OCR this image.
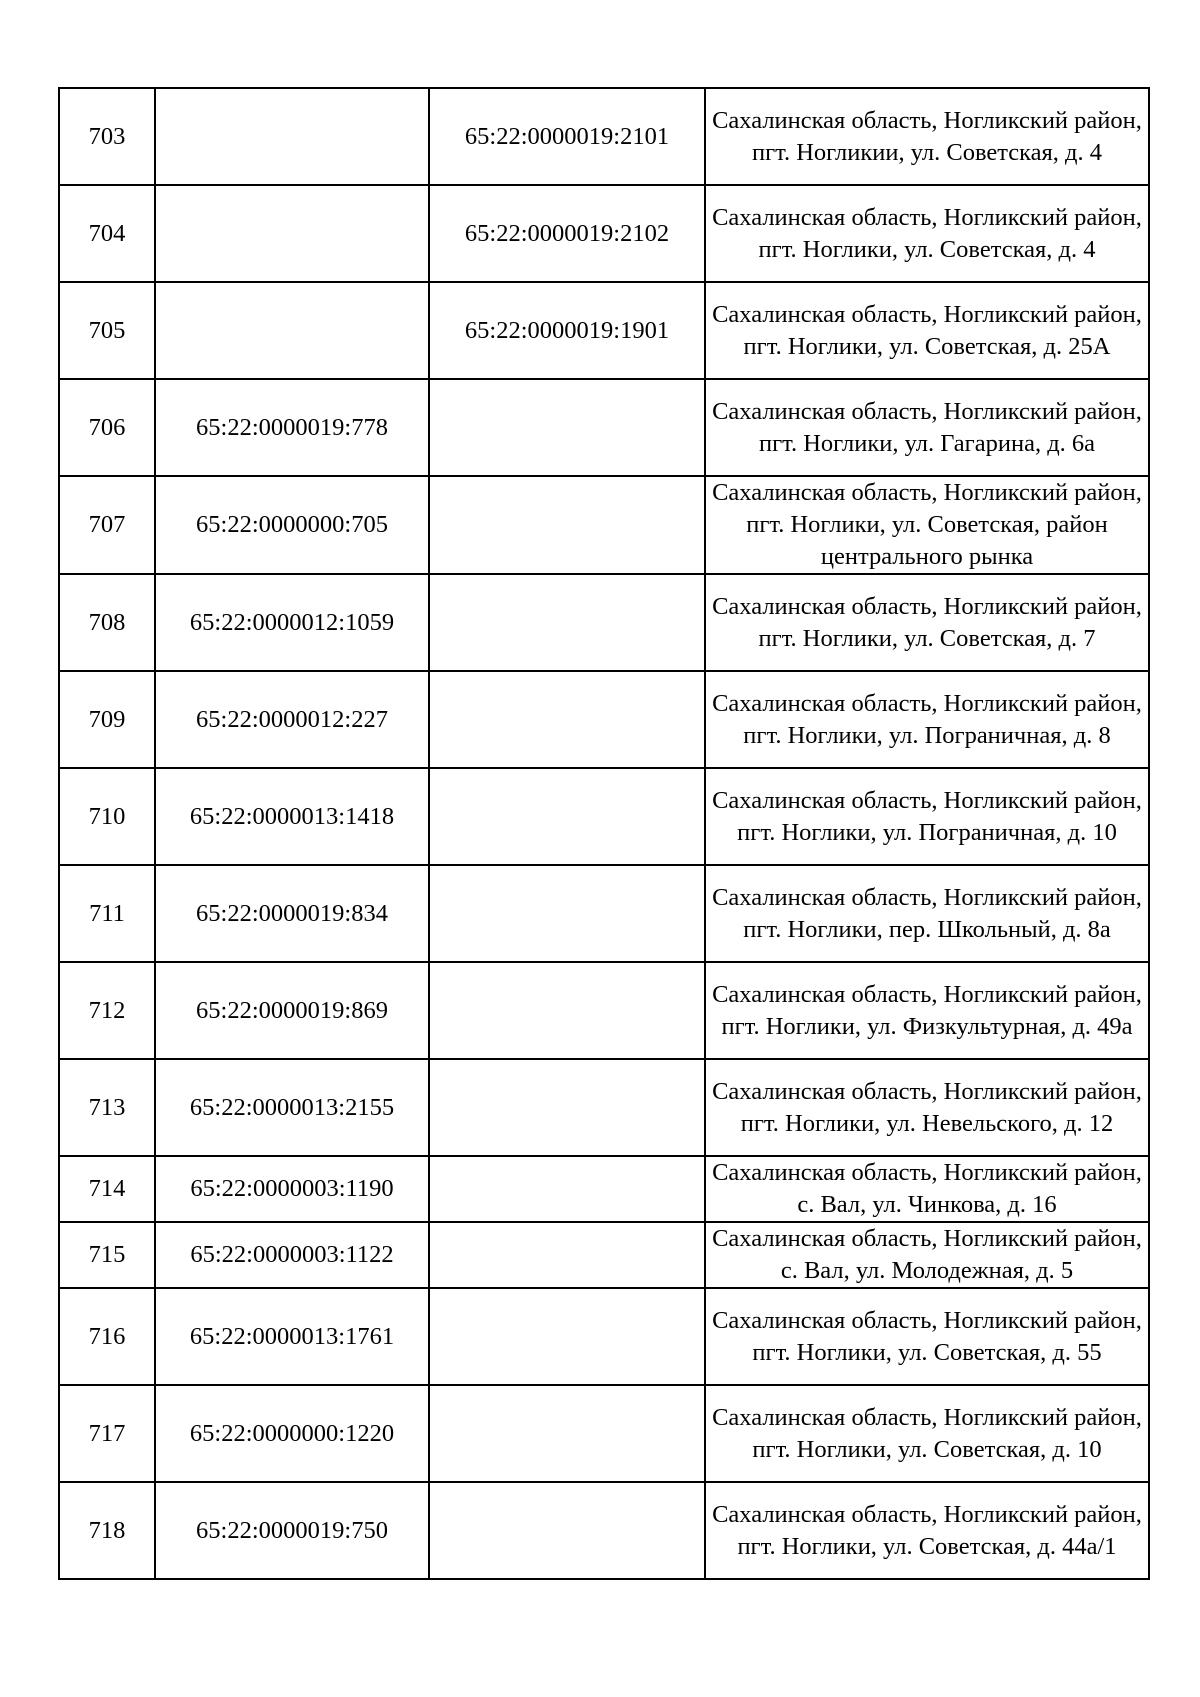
703		65:22:0000019:2101	Сахалинская область, Ногликский район, пгт. Ногликии, ул. Советская, д. 4
704		65:22:0000019:2102	Сахалинская область, Ногликский район, пгт. Ноглики, ул. Советская, д. 4
705		65:22:0000019:1901	Сахалинская область, Ногликский район, пгт. Ноглики, ул. Советская, д. 25А
706	65:22:0000019:778		Сахалинская область, Ногликский район, пгт. Ноглики, ул. Гагарина, д. 6а
707	65:22:0000000:705		Сахалинская область, Ногликский район, пгт. Ноглики, ул. Советская, район центрального рынка
708	65:22:0000012:1059		Сахалинская область, Ногликский район, пгт. Ноглики, ул. Советская, д. 7
709	65:22:0000012:227		Сахалинская область, Ногликский район, пгт. Ноглики, ул. Пограничная, д. 8
710	65:22:0000013:1418		Сахалинская область, Ногликский район, пгт. Ноглики, ул. Пограничная, д. 10
711	65:22:0000019:834		Сахалинская область, Ногликский район, пгт. Ноглики, пер. Школьный, д. 8а
712	65:22:0000019:869		Сахалинская область, Ногликский район, пгт. Ноглики, ул. Физкультурная, д. 49а
713	65:22:0000013:2155		Сахалинская область, Ногликский район, пгт. Ноглики, ул. Невельского, д. 12
714	65:22:0000003:1190		Сахалинская область, Ногликский район, с. Вал, ул. Чинкова, д. 16
715	65:22:0000003:1122		Сахалинская область, Ногликский район, с. Вал, ул. Молодежная, д. 5
716	65:22:0000013:1761		Сахалинская область, Ногликский район, пгт. Ноглики, ул. Советская, д. 55
717	65:22:0000000:1220		Сахалинская область, Ногликский район, пгт. Ноглики, ул. Советская, д. 10
718	65:22:0000019:750		Сахалинская область, Ногликский район, пгт. Ноглики, ул. Советская, д. 44а/1
